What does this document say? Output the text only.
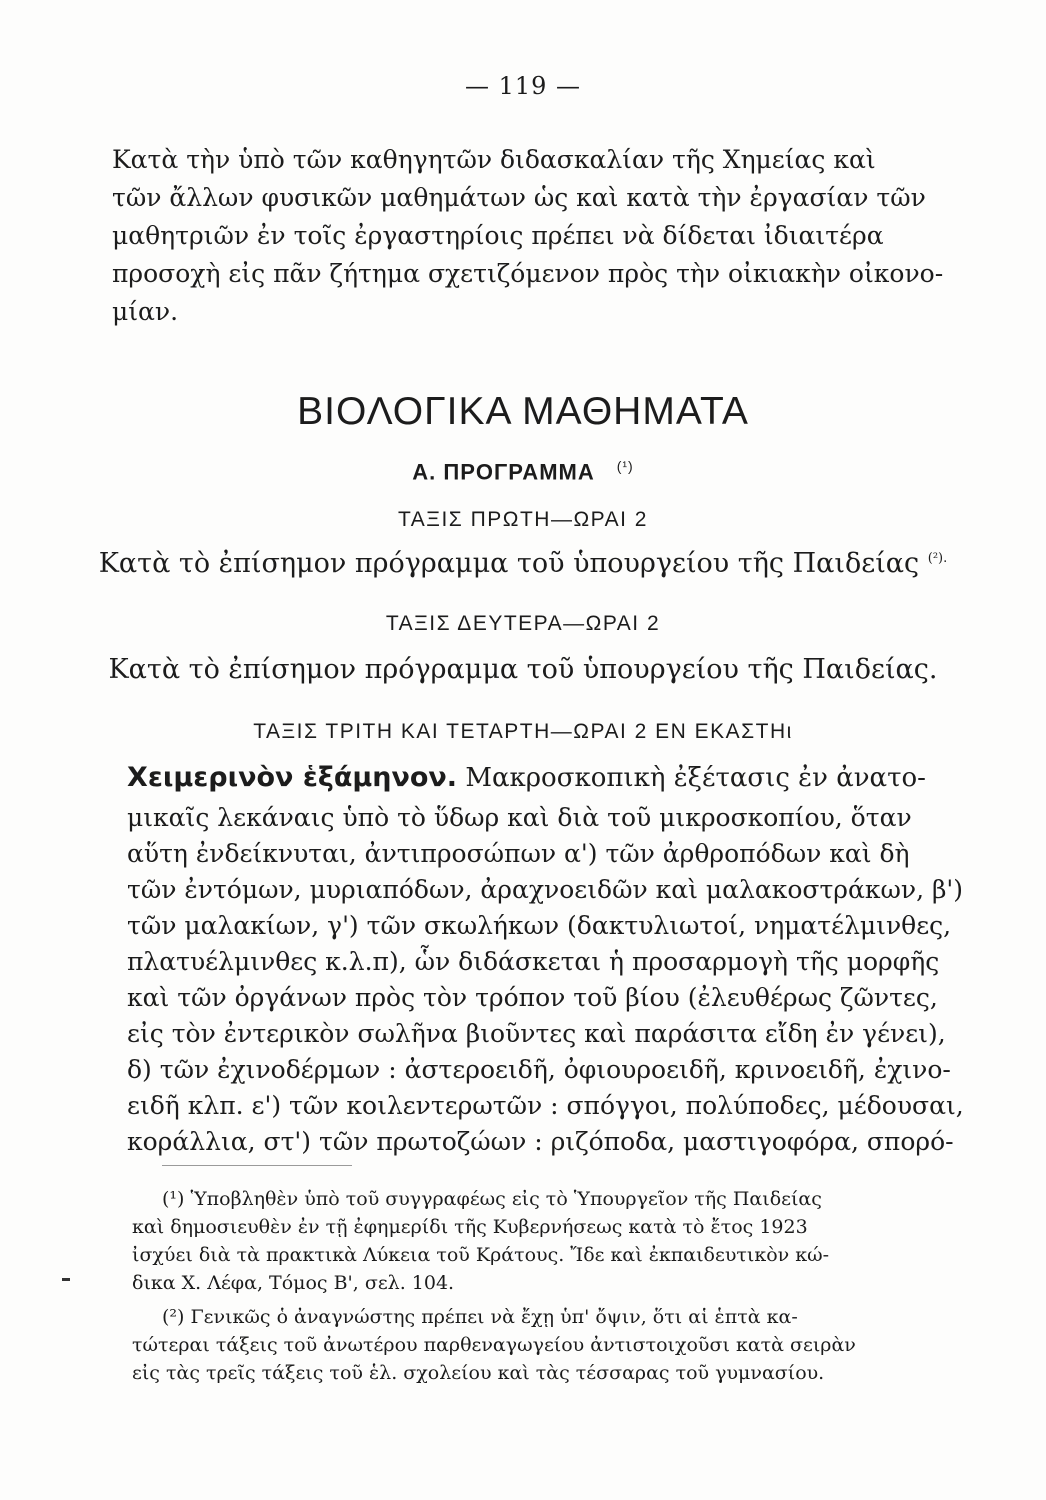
— 119 —
Κατὰ τὴν ὑπὸ τῶν καθηγητῶν διδασκαλίαν τῆς Χημείας καὶ
τῶν ἄλλων φυσικῶν μαθημάτων ὡς καὶ κατὰ τὴν ἐργασίαν τῶν
μαθητριῶν ἐν τοῖς ἐργαστηρίοις πρέπει νὰ δίδεται ἰδιαιτέρα
προσοχὴ εἰς πᾶν ζήτημα σχετιζόμενον πρὸς τὴν οἰκιακὴν οἰκονο-
μίαν.
ΒΙΟΛΟΓΙΚΑ ΜΑΘΗΜΑΤΑ
Α. ΠΡΟΓΡΑΜΜΑ $^{(^1)}$
ΤΑΞΙΣ ΠΡΩΤΗ—ΩΡΑΙ 2
Κατὰ τὸ ἐπίσημον πρόγραμμα τοῦ ὑπουργείου τῆς Παιδείας $^{(^2).}$
ΤΑΞΙΣ ΔΕΥΤΕΡΑ—ΩΡΑΙ 2
Κατὰ τὸ ἐπίσημον πρόγραμμα τοῦ ὑπουργείου τῆς Παιδείας.
ΤΑΞΙΣ ΤΡΙΤΗ ΚΑΙ ΤΕΤΑΡΤΗ—ΩΡΑΙ 2 ΕΝ ΕΚΑΣΤΗι
Χειμερινὸν ἑξάμηνον. Μακροσκοπικὴ ἐξέτασις ἐν ἀνατο-
μικαῖς λεκάναις ὑπὸ τὸ ὕδωρ καὶ διὰ τοῦ μικροσκοπίου, ὅταν
αὕτη ἐνδείκνυται, ἀντιπροσώπων α') τῶν ἀρθροπόδων καὶ δὴ
τῶν ἐντόμων, μυριαπόδων, ἀραχνοειδῶν καὶ μαλακοστράκων, β')
τῶν μαλακίων, γ') τῶν σκωλήκων (δακτυλιωτοί, νηματέλμινθες,
πλατυέλμινθες κ.λ.π), ὧν διδάσκεται ἡ προσαρμογὴ τῆς μορφῆς
καὶ τῶν ὀργάνων πρὸς τὸν τρόπον τοῦ βίου (ἐλευθέρως ζῶντες,
εἰς τὸν ἐντερικὸν σωλῆνα βιοῦντες καὶ παράσιτα εἴδη ἐν γένει),
δ) τῶν ἐχινοδέρμων : ἀστεροειδῆ, ὀφιουροειδῆ, κρινοειδῆ, ἐχινο-
ειδῆ κλπ. ε') τῶν κοιλεντερωτῶν : σπόγγοι, πολύποδες, μέδουσαι,
κοράλλια, στ') τῶν πρωτοζώων : ριζόποδα, μαστιγοφόρα, σπορό-
(¹) Ὑποβληθὲν ὑπὸ τοῦ συγγραφέως εἰς τὸ Ὑπουργεῖον τῆς Παιδείας
καὶ δημοσιευθὲν ἐν τῇ ἐφημερίδι τῆς Κυβερνήσεως κατὰ τὸ ἔτος 1923
ἰσχύει διὰ τὰ πρακτικὰ Λύκεια τοῦ Κράτους. Ἴδε καὶ ἐκπαιδευτικὸν κώ-
δικα Χ. Λέφα, Τόμος Β', σελ. 104.
(²) Γενικῶς ὁ ἀναγνώστης πρέπει νὰ ἔχῃ ὑπ' ὄψιν, ὅτι αἱ ἑπτὰ κα-
τώτεραι τάξεις τοῦ ἀνωτέρου παρθεναγωγείου ἀντιστοιχοῦσι κατὰ σειρὰν
εἰς τὰς τρεῖς τάξεις τοῦ ἑλ. σχολείου καὶ τὰς τέσσαρας τοῦ γυμνασίου.
